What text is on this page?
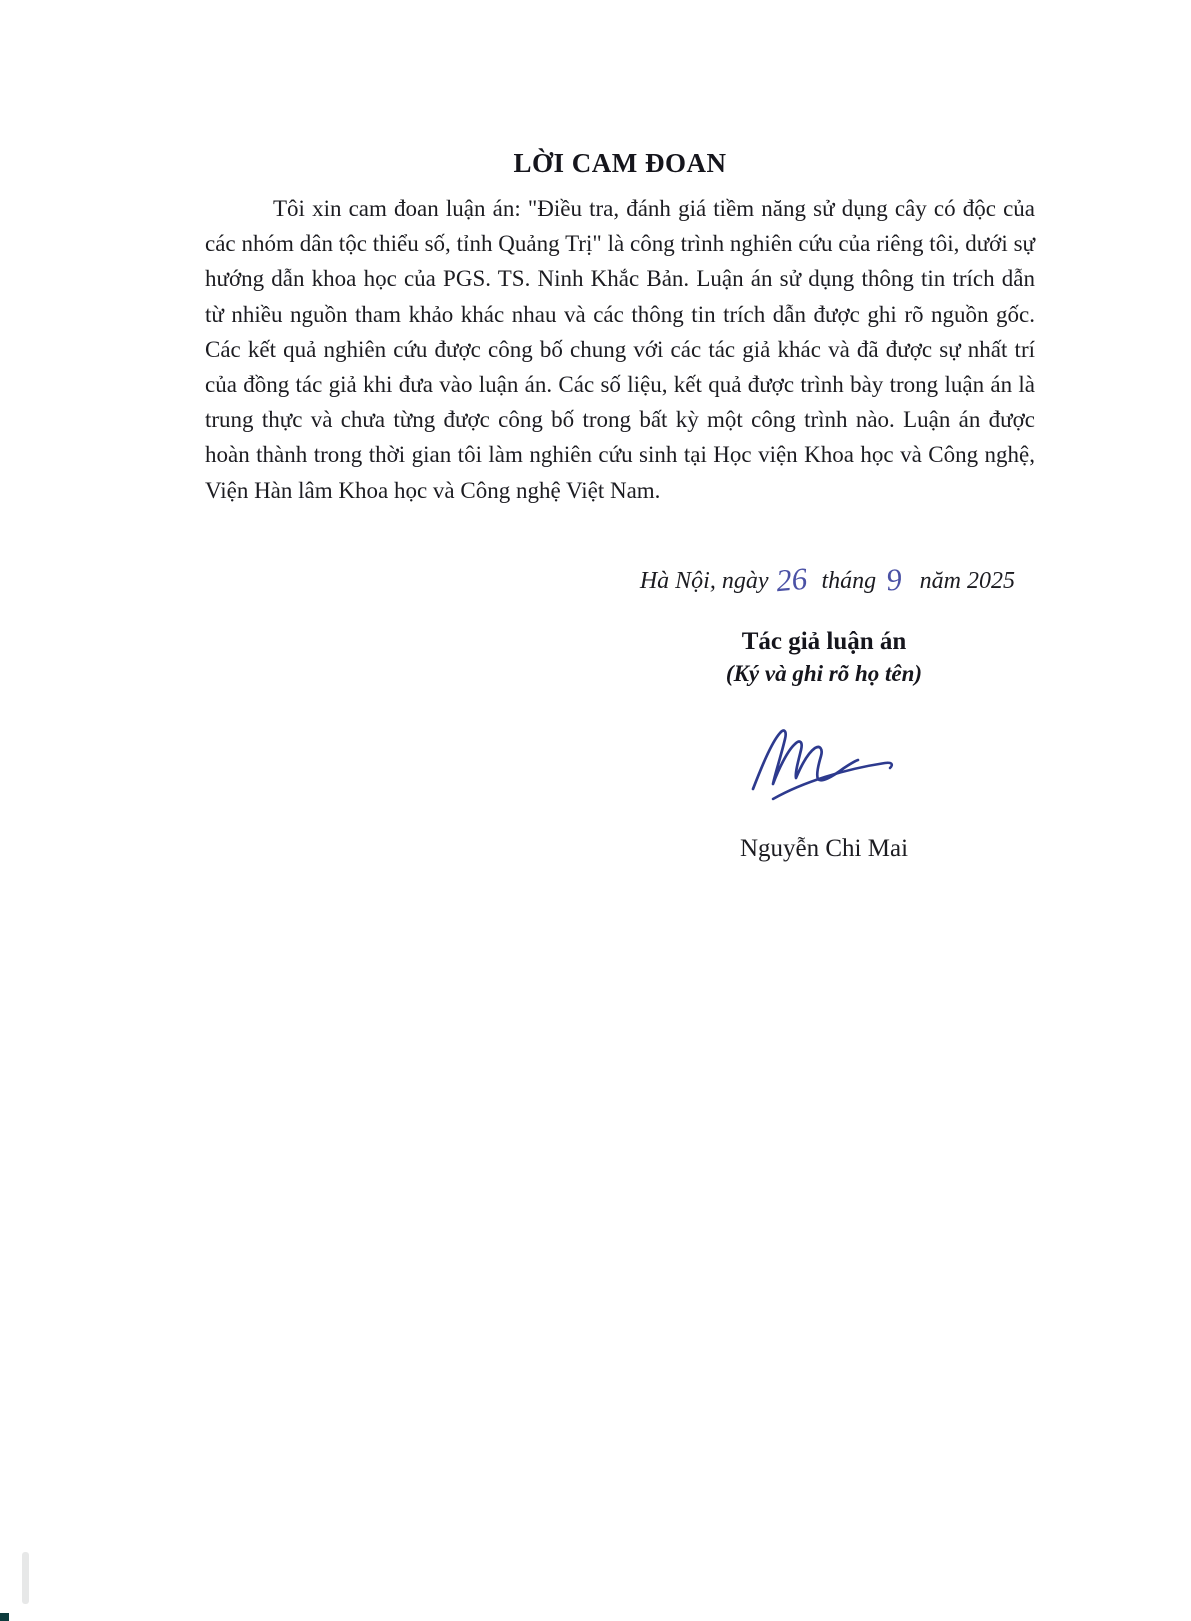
LỜI CAM ĐOAN

Tôi xin cam đoan luận án: "Điều tra, đánh giá tiềm năng sử dụng cây có độc của các nhóm dân tộc thiểu số, tỉnh Quảng Trị" là công trình nghiên cứu của riêng tôi, dưới sự hướng dẫn khoa học của PGS. TS. Ninh Khắc Bản. Luận án sử dụng thông tin trích dẫn từ nhiều nguồn tham khảo khác nhau và các thông tin trích dẫn được ghi rõ nguồn gốc. Các kết quả nghiên cứu được công bố chung với các tác giả khác và đã được sự nhất trí của đồng tác giả khi đưa vào luận án. Các số liệu, kết quả được trình bày trong luận án là trung thực và chưa từng được công bố trong bất kỳ một công trình nào. Luận án được hoàn thành trong thời gian tôi làm nghiên cứu sinh tại Học viện Khoa học và Công nghệ, Viện Hàn lâm Khoa học và Công nghệ Việt Nam.

Hà Nội, ngày 26 tháng 9 năm 2025
Tác giả luận án
(Ký và ghi rõ họ tên)
Nguyễn Chi Mai
